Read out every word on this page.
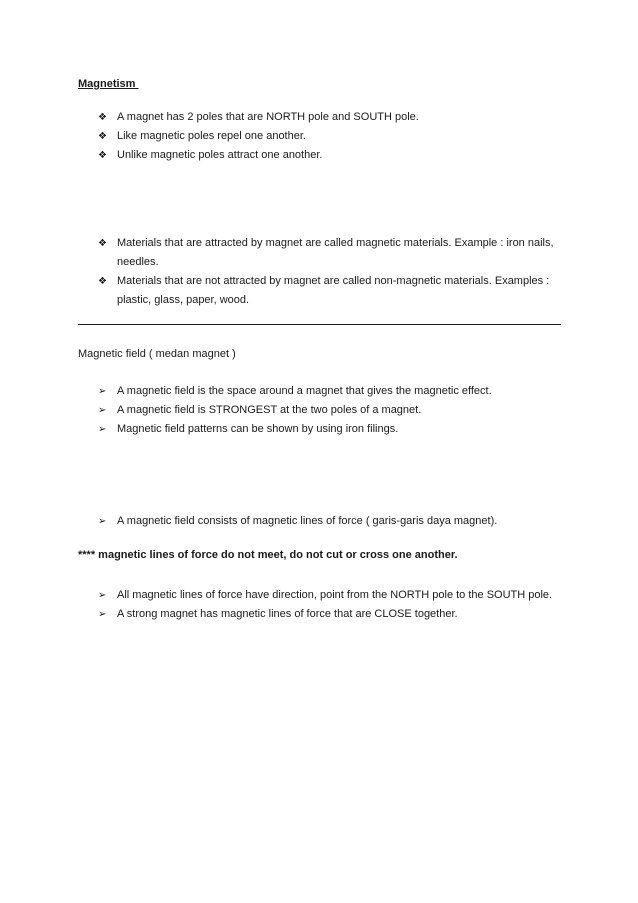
Magnetism
❖ A magnet has 2 poles that are NORTH pole and SOUTH pole.
❖ Like magnetic poles repel one another.
❖ Unlike magnetic poles attract one another.
❖ Materials that are attracted by magnet are called magnetic materials. Example : iron nails, needles.
❖ Materials that are not attracted by magnet are called non-magnetic materials. Examples : plastic, glass, paper, wood.
Magnetic field ( medan magnet )
➢ A magnetic field is the space around a magnet that gives the magnetic effect.
➢ A magnetic field is STRONGEST at the two poles of a magnet.
➢ Magnetic field patterns can be shown by using iron filings.
➢ A magnetic field consists of magnetic lines of force ( garis-garis daya magnet).
**** magnetic lines of force do not meet, do not cut or cross one another.
➢ All magnetic lines of force have direction, point from the NORTH pole to the SOUTH pole.
➢ A strong magnet has magnetic lines of force that are CLOSE together.
